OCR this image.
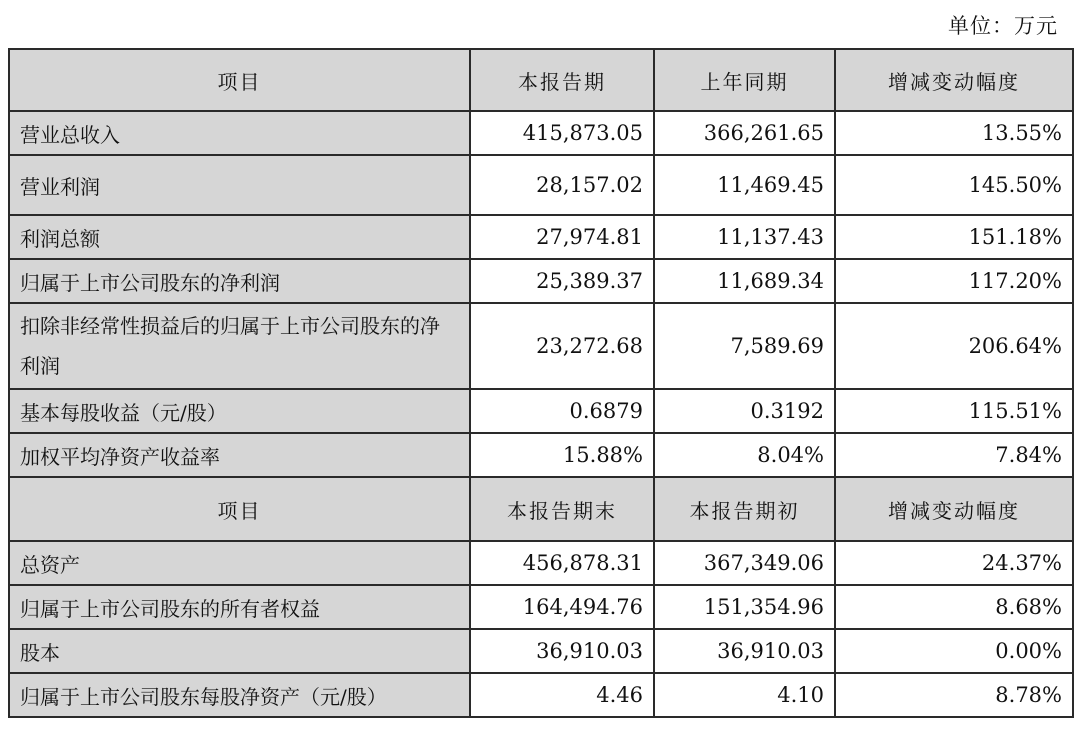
单位：万元
项目	本报告期	上年同期	增减变动幅度
营业总收入	415,873.05	366,261.65	13.55%
营业利润	28,157.02	11,469.45	145.50%
利润总额	27,974.81	11,137.43	151.18%
归属于上市公司股东的净利润	25,389.37	11,689.34	117.20%
扣除非经常性损益后的归属于上市公司股东的净利润	23,272.68	7,589.69	206.64%
基本每股收益（元/股）	0.6879	0.3192	115.51%
加权平均净资产收益率	15.88%	8.04%	7.84%
项目	本报告期末	本报告期初	增减变动幅度
总资产	456,878.31	367,349.06	24.37%
归属于上市公司股东的所有者权益	164,494.76	151,354.96	8.68%
股本	36,910.03	36,910.03	0.00%
归属于上市公司股东每股净资产（元/股）	4.46	4.10	8.78%
